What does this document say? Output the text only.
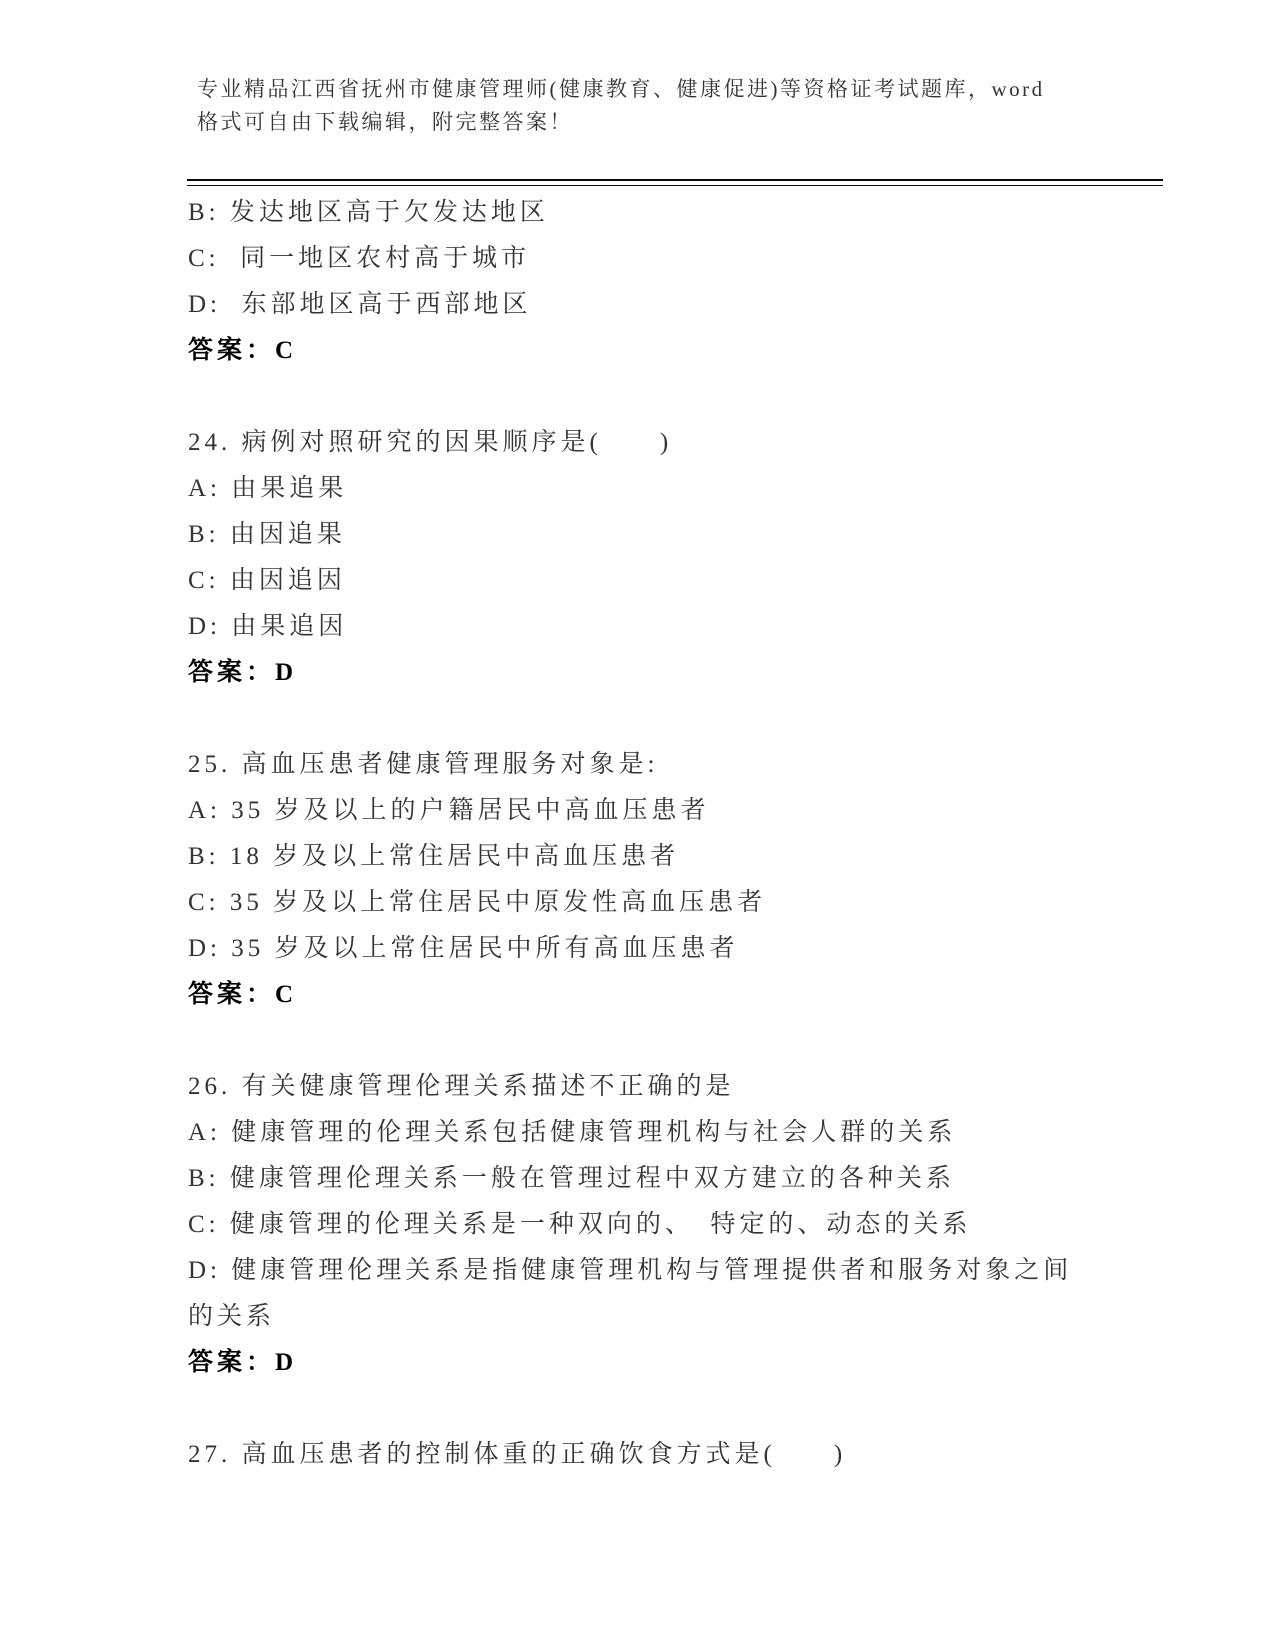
专业精品江西省抚州市健康管理师(健康教育、健康促进)等资格证考试题库，word
格式可自由下载编辑，附完整答案！

B: 发达地区高于欠发达地区

C:  同一地区农村高于城市

D:  东部地区高于西部地区

答案：C

24. 病例对照研究的因果顺序是(　　)

A: 由果追果

B: 由因追果

C: 由因追因

D: 由果追因

答案：D

25. 高血压患者健康管理服务对象是:

A: 35 岁及以上的户籍居民中高血压患者

B: 18 岁及以上常住居民中高血压患者

C: 35 岁及以上常住居民中原发性高血压患者

D: 35 岁及以上常住居民中所有高血压患者

答案：C

26. 有关健康管理伦理关系描述不正确的是

A: 健康管理的伦理关系包括健康管理机构与社会人群的关系

B: 健康管理伦理关系一般在管理过程中双方建立的各种关系

C: 健康管理的伦理关系是一种双向的、　特定的、动态的关系

D: 健康管理伦理关系是指健康管理机构与管理提供者和服务对象之间

的关系

答案：D

27. 高血压患者的控制体重的正确饮食方式是(　　)
